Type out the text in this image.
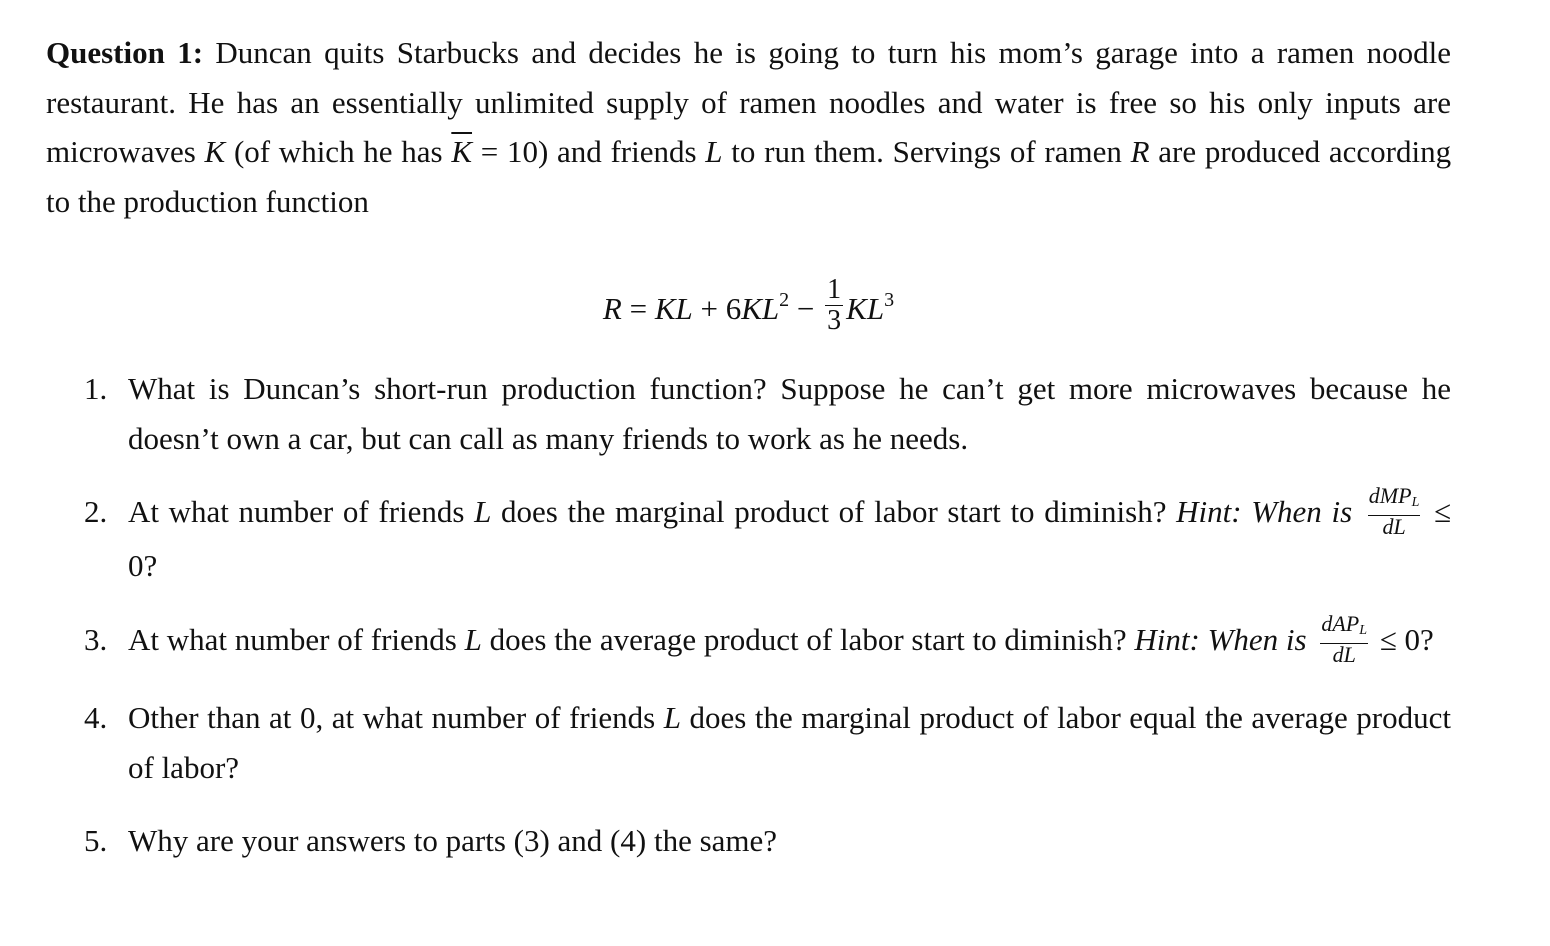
Question 1: Duncan quits Starbucks and decides he is going to turn his mom’s garage into a ramen noodle restaurant. He has an essentially unlimited supply of ramen noodles and water is free so his only inputs are microwaves K (of which he has $\overline{K} = 10$) and friends L to run them. Servings of ramen R are produced according to the production function

R = KL + $6KL^2 - \frac{1}{3} KL^3$
1. What is Duncan’s short-run production function? Suppose he can’t get more microwaves because he doesn’t own a car, but can call as many friends to work as he needs.
2. At what number of friends L does the marginal product of labor start to diminish? Hint: When is $\frac{dMP_L}{dL} \le 0$?
3. At what number of friends L does the average product of labor start to diminish? Hint: When is $\frac{dAP_L}{dL} \le 0$?
4. Other than at 0, at what number of friends L does the marginal product of labor equal the average product of labor?
5. Why are your answers to parts (3) and (4) the same?
